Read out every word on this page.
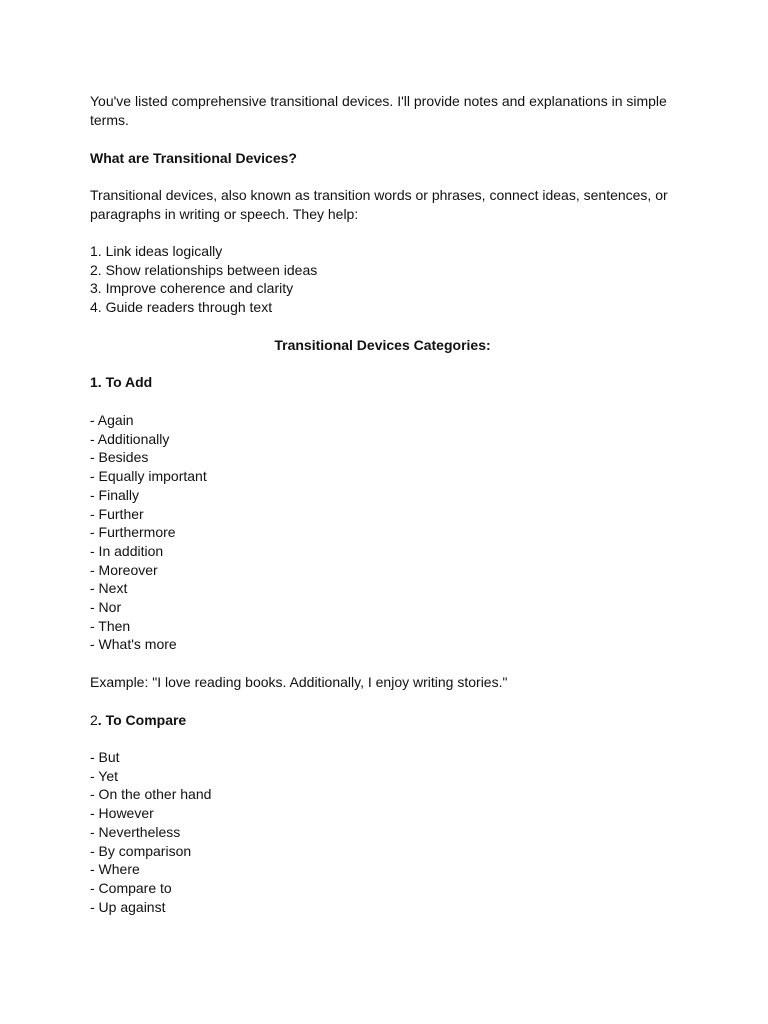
You've listed comprehensive transitional devices. I'll provide notes and explanations in simple terms.

What are Transitional Devices?

Transitional devices, also known as transition words or phrases, connect ideas, sentences, or paragraphs in writing or speech. They help:

1. Link ideas logically
2. Show relationships between ideas
3. Improve coherence and clarity
4. Guide readers through text

Transitional Devices Categories:

1. To Add

- Again
- Additionally
- Besides
- Equally important
- Finally
- Further
- Furthermore
- In addition
- Moreover
- Next
- Nor
- Then
- What's more

Example: "I love reading books. Additionally, I enjoy writing stories."

2. To Compare

- But
- Yet
- On the other hand
- However
- Nevertheless
- By comparison
- Where
- Compare to
- Up against
